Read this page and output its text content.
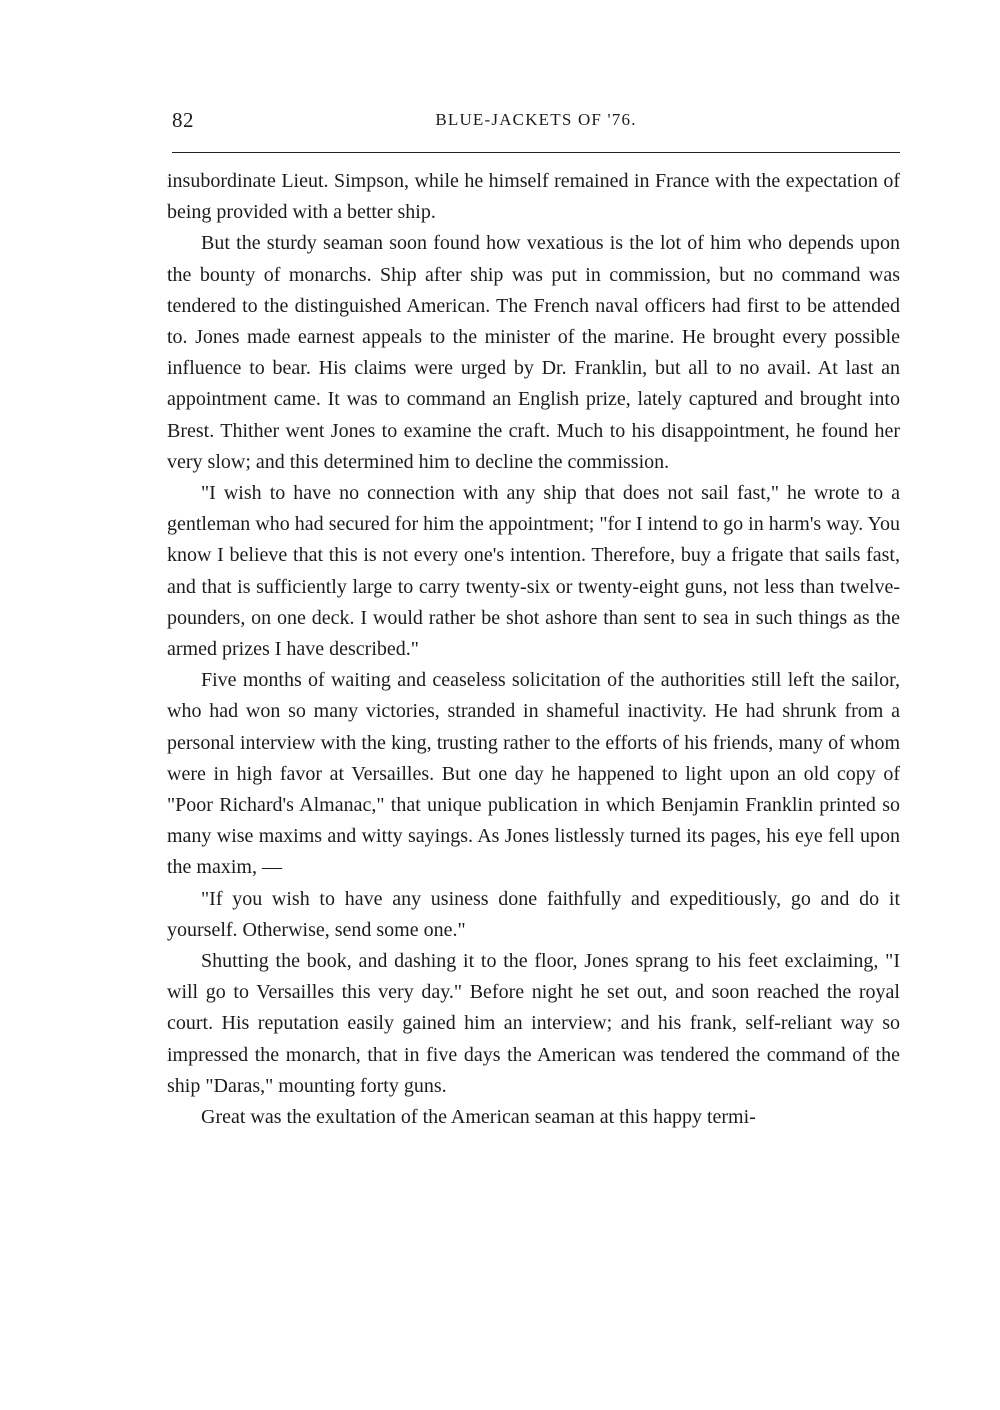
82	BLUE-JACKETS OF '76.

insubordinate Lieut. Simpson, while he himself remained in France with the expectation of being provided with a better ship.

But the sturdy seaman soon found how vexatious is the lot of him who depends upon the bounty of monarchs. Ship after ship was put in commission, but no command was tendered to the distinguished American. The French naval officers had first to be attended to. Jones made earnest appeals to the minister of the marine. He brought every possible influence to bear. His claims were urged by Dr. Franklin, but all to no avail. At last an appointment came. It was to command an English prize, lately captured and brought into Brest. Thither went Jones to examine the craft. Much to his disappointment, he found her very slow; and this determined him to decline the commission.

"I wish to have no connection with any ship that does not sail fast," he wrote to a gentleman who had secured for him the appointment; "for I intend to go in harm's way. You know I believe that this is not every one's intention. Therefore, buy a frigate that sails fast, and that is sufficiently large to carry twenty-six or twenty-eight guns, not less than twelve-pounders, on one deck. I would rather be shot ashore than sent to sea in such things as the armed prizes I have described."

Five months of waiting and ceaseless solicitation of the authorities still left the sailor, who had won so many victories, stranded in shameful inactivity. He had shrunk from a personal interview with the king, trusting rather to the efforts of his friends, many of whom were in high favor at Versailles. But one day he happened to light upon an old copy of "Poor Richard's Almanac," that unique publication in which Benjamin Franklin printed so many wise maxims and witty sayings. As Jones listlessly turned its pages, his eye fell upon the maxim, —

"If you wish to have any usiness done faithfully and expeditiously, go and do it yourself. Otherwise, send some one."

Shutting the book, and dashing it to the floor, Jones sprang to his feet exclaiming, "I will go to Versailles this very day." Before night he set out, and soon reached the royal court. His reputation easily gained him an interview; and his frank, self-reliant way so impressed the monarch, that in five days the American was tendered the command of the ship "Daras," mounting forty guns.

Great was the exultation of the American seaman at this happy termi-
